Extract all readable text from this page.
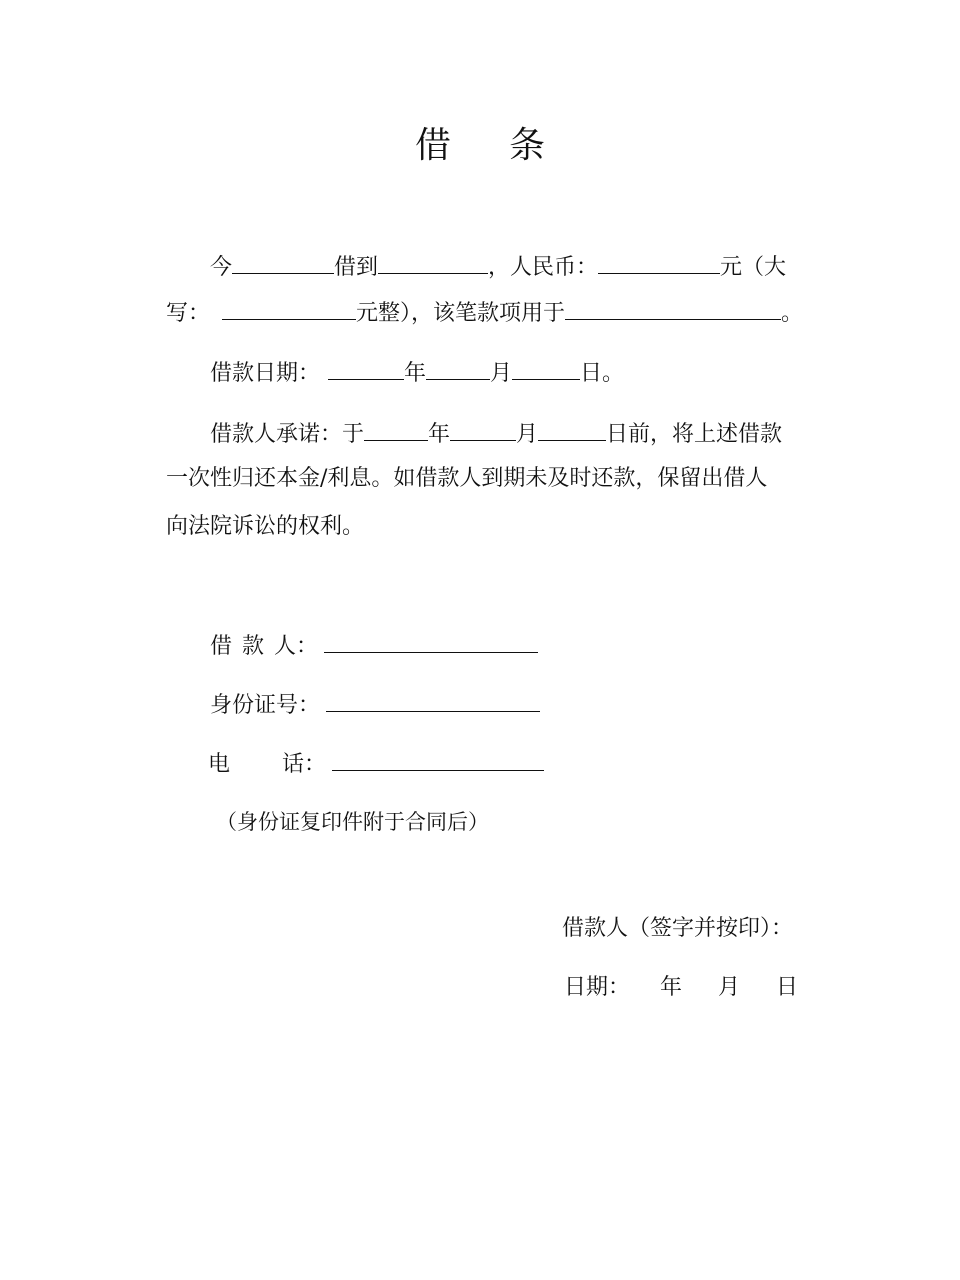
借 条
今	借到	，人民币：	元（大
写：	元整），该笔款项用于	。
借款日期：	年	月	日。
借款人承诺：于	年	月	日前，将上述借款
一次性归还本金/利息。如借款人到期未及时还款，保留出借人
向法院诉讼的权利。
借 款 人：
身份证号：
电 话：
（身份证复印件附于合同后）
借款人（签字并按印）：
日期： 年 月 日
